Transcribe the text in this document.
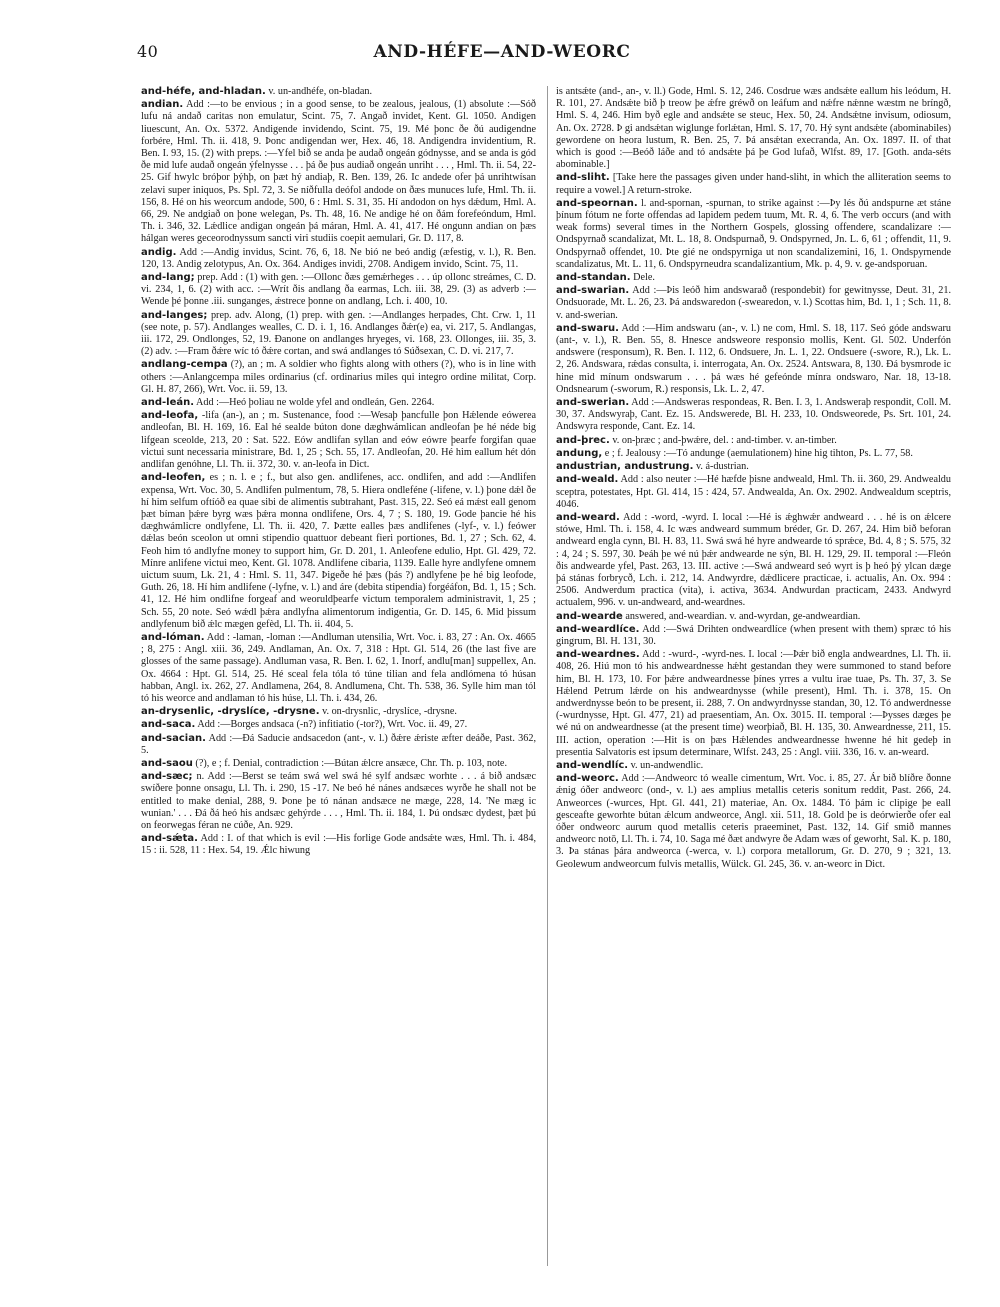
40	AND-HÉFE—AND-WEORC

and-héfe, and-hladan. v. un-andhéfe, on-bladan.

andian. Add :—to be envious ; in a good sense, to be zealous, jealous, (1) absolute :—Sóð lufu ná andað caritas non emulatur, Scint. 75, 7. Angað invidet, Kent. Gl. 1050. Andigen liuescunt, An. Ox. 5372. Andigende invidendo, Scint. 75, 19. Mé þonc ðe ðú audigendne forbére, Hml. Th. ii. 418, 9. Þonc andigendan wer, Hex. 46, 18. Andigendra invidentium, R. Ben. I. 93, 15. (2) with preps. :—Yfel bið se anda þe audað ongeán gódnysse, and se anda is gód ðe mid lufe audað ongeán ýfelnysse . . . þá ðe þus audiað ongeán unriht . . . , Hml. Th. ii. 54, 22-25. Gif hwylc bróþor þýhþ, on þæt hý andiaþ, R. Ben. 139, 26. Ic andede ofer þá unrihtwísan zelavi super iniquos, Ps. Spl. 72, 3. Se níðfulla deófol andode on ðæs munuces lufe, Hml. Th. ii. 156, 8. Hé on his weorcum andode, 500, 6 : Hml. S. 31, 35. Hí andodon on hys dǽdum, Hml. A. 66, 29. Ne andgiað on þone welegan, Ps. Th. 48, 16. Ne andige hé on ðám forefeóndum, Hml. Th. i. 346, 32. Lǽdlice andigan ongeán þá máran, Hml. A. 41, 417. Hé ongunn andian on þæs hálgan weres geceorodnyssum sancti viri studiis coepit aemulari, Gr. D. 117, 8.

andig. Add :—Andig invidus, Scint. 76, 6, 18. Ne bió ne beó andig (æfestig, v. l.), R. Ben. 120, 13. Andig zelotypus, An. Ox. 364. Andiges invidi, 2708. Andigem invido, Scint. 75, 11.

and-lang; prep. Add : (1) with gen. :—Ollonc ðæs gemǽrheges . . . úp ollonc streámes, C. D. vi. 234, 1, 6. (2) with acc. :—Wrít ðis andlang ða earmas, Lch. iii. 38, 29. (3) as adverb :—Wende þé þonne .iii. sunganges, ǽstrece þonne on andlang, Lch. i. 400, 10.

and-langes; prep. adv. Along, (1) prep. with gen. :—Andlanges herpades, Cht. Crw. 1, 11 (see note, p. 57). Andlanges wealles, C. D. i. 1, 16. Andlanges ðǽr(e) ea, vi. 217, 5. Andlangas, iii. 172, 29. Ondlonges, 52, 19. Ðanone on andlanges hryeges, vi. 168, 23. Ollonges, iii. 35, 3. (2) adv. :—Fram ðǽre wíc tó ðǽre cortan, and swá andlanges tó Súðsexan, C. D. vi. 217, 7.

andlang-cempa (?), an ; m. A soldier who fights along with others (?), who is in line with others :—Anlangcempa miles ordinarius (cf. ordinarius miles qui integro ordine militat, Corp. Gl. H. 87, 266), Wrt. Voc. ii. 59, 13.

and-leán. Add :—Heó þoliau ne wolde yfel and ondleán, Gen. 2264.

and-leofa, -lifa (an-), an ; m. Sustenance, food :—Wesaþ þancfulle þon Hǽlende eówerea andleofan, Bl. H. 169, 16. Eal hé sealde búton done dæghwámlican andleofan þe hé néde big lifgean sceolde, 213, 20 : Sat. 522. Eów andlifan syllan and eów eówre þearfe forgifan quae victui sunt necessaria ministrare, Bd. 1, 25 ; Sch. 55, 17. Andleofan, 20. Hé him eallum hét dón andlifan genóhne, Ll. Th. ii. 372, 30. v. an-leofa in Dict.

and-leofen, es ; n. l. e ; f., but also gen. andlifenes, acc. ondlifen, and add :—Andlifen expensa, Wrt. Voc. 30, 5. Andlifen pulmentum, 78, 5. Hiera ondleféne (-lifene, v. l.) þone dǽl ðe hí him selfum oftíóð ea quae sibi de alimentis subtrahant, Past. 315, 22. Seó eá mǽst eall genom þæt bíman þǽre byrg wæs þǽra monna ondlifene, Ors. 4, 7 ; S. 180, 19. Gode þancie hé his dæghwámlicre ondlyfene, Ll. Th. ii. 420, 7. Þætte ealles þæs andlifenes (-lyf-, v. l.) feówer dǽlas beón sceolon ut omni stipendio quattuor debeant fieri portiones, Bd. 1, 27 ; Sch. 62, 4. Feoh him tó andlyfne money to support him, Gr. D. 201, 1. Anleofene edulio, Hpt. Gl. 429, 72. Mínre anlifene victui meo, Kent. Gl. 1078. Andlifene cibaria, 1139. Ealle hyre andlyfene omnem uictum suum, Lk. 21, 4 : Hml. S. 11, 347. Þigeðe hé þæs (þás ?) andlyfene þe hé big leofode, Guth. 26, 18. Hí him andlifene (-lyfne, v. l.) and áre (debita stipendia) forgéáfon, Bd. 1, 15 ; Sch. 41, 12. Hé him ondlifne forgeaf and weoruldþearfe victum temporalem administravit, 1, 25 ; Sch. 55, 20 note. Seó wǽdl þǽra andlyfna alimentorum indigentia, Gr. D. 145, 6. Mid þissum andlyfenum bið ǽlc mægen gefèd, Ll. Th. ii. 404, 5.

and-lóman. Add : -laman, -loman :—Andluman utensilia, Wrt. Voc. i. 83, 27 : An. Ox. 4665 ; 8, 275 : Angl. xiii. 36, 249. Andlaman, An. Ox. 7, 318 : Hpt. Gl. 514, 26 (the last five are glosses of the same passage). Andluman vasa, R. Ben. I. 62, 1. Inorf, andlu[man] suppellex, An. Ox. 4664 : Hpt. Gl. 514, 25. Hé sceal fela tóla tó túne tilian and fela andlómena tó húsan habban, Angl. ix. 262, 27. Andlamena, 264, 8. Andlumena, Cht. Th. 538, 36. Sylle him man tól tó his weorce and andlaman tó his húse, Ll. Th. i. 434, 26.

an-drysenlic, -dryslíce, -drysne. v. on-drysnlic, -dryslíce, -drysne.

and-saca. Add :—Borges andsaca (-n?) infitiatio (-tor?), Wrt. Voc. ii. 49, 27.

and-sacian. Add :—Ðá Saducie andsacedon (ant-, v. l.) ðǽre ǽriste æfter deáðe, Past. 362, 5.

and-saou (?), e ; f. Denial, contradiction :—Bútan ǽlcre ansæce, Chr. Th. p. 103, note.

and-sæc; n. Add :—Berst se teám swá wel swá hé sylf andsæc worhte . . . á bið andsæc swíðere þonne onsagu, Ll. Th. i. 290, 15 -17. Ne beó hé nánes andsæces wyrðe he shall not be entitled to make denial, 288, 9. Þone þe tó nánan andsæce ne mæge, 228, 14. 'Ne mæg ic wunian.' . . . Ðá ðá heó his andsæc gehýrde . . . , Hml. Th. ii. 184, 1. Þú ondsæc dydest, þæt þú on feorwegas féran ne cúðe, An. 929.

and-sǽta. Add : I. of that which is evil :—His forlige Gode andsǽte wæs, Hml. Th. i. 484, 15 : ii. 528, 11 : Hex. 54, 19. Ǽlc hiwung

is antsǽte (and-, an-, v. ll.) Gode, Hml. S. 12, 246. Cosdrue wæs andsǽte eallum his leódum, H. R. 101, 27. Andsǽte bið þ treow þe ǽfre gréwð on leáfum and nǽfre nǽnne wæstm ne bríngð, Hml. S. 4, 246. Him byð egle and andsǽte se steuc, Hex. 50, 24. Andsǽtne invisum, odiosum, An. Ox. 2728. Þ gi andsǽtan wiglunge forlǽtan, Hml. S. 17, 70. Hý synt andsǽte (abominabiles) gewordene on heora lustum, R. Ben. 25, 7. Þá ansǽtan execranda, An. Ox. 1897. II. of that which is good :—Beóð láðe and tó andsǽte þá þe God lufað, Wlfst. 89, 17. [Goth. anda-séts abominable.]

and-sliht. [Take here the passages given under hand-sliht, in which the alliteration seems to require a vowel.] A return-stroke.

and-speornan. l. and-spornan, -spurnan, to strike against :—Þy lés ðú andspurne æt stáne þínum fótum ne forte offendas ad lapidem pedem tuum, Mt. R. 4, 6. The verb occurs (and with weak forms) several times in the Northern Gospels, glossing offendere, scandalizare :—Ondspyrnað scandalizat, Mt. L. 18, 8. Ondspurnað, 9. Ondspyrned, Jn. L. 6, 61 ; offendit, 11, 9. Ondspyrnað offendet, 10. Þte gié ne ondspyrniga ut non scandalizemini, 16, 1. Ondspyrnende scandalizatus, Mt. L. 11, 6. Ondspyrneudra scandalizantium, Mk. p. 4, 9. v. ge-andsporuan.

and-standan. Dele.

and-swarian. Add :—Þis leóð him andswarað (respondebit) for gewitnysse, Deut. 31, 21. Ondsuorade, Mt. L. 26, 23. Þá andswaredon (-swearedon, v. l.) Scottas him, Bd. 1, 1 ; Sch. 11, 8. v. and-swerian.

and-swaru. Add :—Him andswaru (an-, v. l.) ne com, Hml. S. 18, 117. Seó góde andswaru (ant-, v. l.), R. Ben. 55, 8. Hnesce andsweore responsio mollis, Kent. Gl. 502. Underfón andswere (responsum), R. Ben. I. 112, 6. Ondsuere, Jn. L. 1, 22. Ondsuere (-swore, R.), Lk. L. 2, 26. Andswara, rǽdas consulta, i. interrogata, An. Ox. 2524. Antswara, 8, 130. Ðá bysmrode ic hine mid mínum ondswarum . . . þá wæs hé gefeónde mínra ondswaro, Nar. 18, 13-18. Ondsnearum (-sworum, R.) responsis, Lk. L. 2, 47.

and-swerian. Add :—Andsweras respondeas, R. Ben. I. 3, 1. Andsweraþ respondit, Coll. M. 30, 37. Andswyraþ, Cant. Ez. 15. Andswerede, Bl. H. 233, 10. Ondsweorede, Ps. Srt. 101, 24. Andswyra responde, Cant. Ez. 14.

and-þrec. v. on-þræc ; and-þwǽre, del. : and-timber. v. an-timber.

andung, e ; f. Jealousy :—Tó andunge (aemulationem) hine hig tihton, Ps. L. 77, 58.

andustrian, andustrung. v. á-dustrian.

and-weald. Add : also neuter :—Hé hæfde þisne andweald, Hml. Th. ii. 360, 29. Andwealdu sceptra, potestates, Hpt. Gl. 414, 15 : 424, 57. Andwealda, An. Ox. 2902. Andwealdum sceptris, 4046.

and-weard. Add : -word, -wyrd. I. local :—Hé is ǽghwǽr andweard . . . hé is on ǽlcere stówe, Hml. Th. i. 158, 4. Ic wæs andweard summum bréder, Gr. D. 267, 24. Him bið beforan andweard engla cynn, Bl. H. 83, 11. Swá swá hé hyre andwearde tó sprǽce, Bd. 4, 8 ; S. 575, 32 : 4, 24 ; S. 597, 30. Þeáh þe wé nú þǽr andwearde ne sýn, Bl. H. 129, 29. II. temporal :—Fleón ðis andwearde yfel, Past. 263, 13. III. active :—Swá andweard seó wyrt is þ heó þý ylcan dæge þá stánas forbrycð, Lch. i. 212, 14. Andwyrdre, dǽdlicere practicae, i. actualis, An. Ox. 994 : 2506. Andwerdum practica (vita), i. activa, 3634. Andwurdan practicam, 2433. Andwyrd actualem, 996. v. un-andweard, and-weardnes.

and-wearde answered, and-weardian. v. and-wyrdan, ge-andweardian.

and-weardlíce. Add :—Swá Drihten ondweardlíce (when present with them) spræc tó his gingrum, Bl. H. 131, 30.

and-weardnes. Add : -wurd-, -wyrd-nes. I. local :—Þǽr bið engla andweardnes, Ll. Th. ii. 408, 26. Hiú mon tó his andweardnesse hǽht gestandan they were summoned to stand before him, Bl. H. 173, 10. For þǽre andweardnesse þínes yrres a vultu irae tuae, Ps. Th. 37, 3. Se Hǽlend Petrum lǽrde on his andweardnysse (while present), Hml. Th. i. 378, 15. On andwerdnysse beón to be present, ii. 288, 7. On andwyrdnysse standan, 30, 12. Tó andwerdnesse (-wurdnysse, Hpt. Gl. 477, 21) ad praesentiam, An. Ox. 3015. II. temporal :—Þysses dæges þe wé nú on andweardnesse (at the present time) weorþiað, Bl. H. 135, 30. Anweardnesse, 211, 15. III. action, operation :—Hit is on þæs Hǽlendes andweardnesse hwenne hé hit gedeþ in presentia Salvatoris est ipsum determinare, Wlfst. 243, 25 : Angl. viii. 336, 16. v. an-weard.

and-wendlíc. v. un-andwendlic.

and-weorc. Add :—Andweorc tó wealle cimentum, Wrt. Voc. i. 85, 27. Ár bið blíðre ðonne ǽnig óðer andweorc (ond-, v. l.) aes amplius metallis ceteris sonitum reddit, Past. 266, 24. Anweorces (-wurces, Hpt. Gl. 441, 21) materiae, An. Ox. 1484. Tó þám ic clipige þe eall gesceafte geworhte bútan ǽlcum andweorce, Angl. xii. 511, 18. Gold þe is deórwierðe ofer eal óðer ondweorc aurum quod metallis ceteris praeeminet, Past. 132, 14. Gif smið mannes andweorc notō, Ll. Th. i. 74, 10. Saga mé ðæt andwyre ðe Adam wæs of geworht, Sal. K. p. 180, 3. Þa stánas þára andweorca (-werca, v. l.) corpora metallorum, Gr. D. 270, 9 ; 321, 13. Geolewum andweorcum fulvis metallis, Wülck. Gl. 245, 36. v. an-weorc in Dict.
